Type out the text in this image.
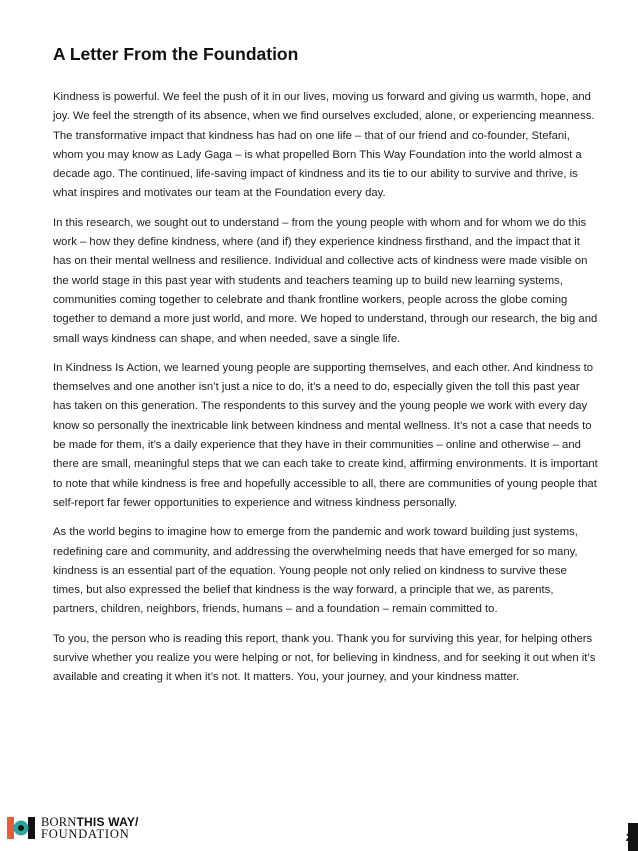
A Letter From the Foundation

Kindness is powerful. We feel the push of it in our lives, moving us forward and giving us warmth, hope, and joy. We feel the strength of its absence, when we find ourselves excluded, alone, or experiencing meanness. The transformative impact that kindness has had on one life – that of our friend and co-founder, Stefani, whom you may know as Lady Gaga – is what propelled Born This Way Foundation into the world almost a decade ago. The continued, life-saving impact of kindness and its tie to our ability to survive and thrive, is what inspires and motivates our team at the Foundation every day.

In this research, we sought out to understand – from the young people with whom and for whom we do this work – how they define kindness, where (and if) they experience kindness firsthand, and the impact that it has on their mental wellness and resilience. Individual and collective acts of kindness were made visible on the world stage in this past year with students and teachers teaming up to build new learning systems, communities coming together to celebrate and thank frontline workers, people across the globe coming together to demand a more just world, and more. We hoped to understand, through our research, the big and small ways kindness can shape, and when needed, save a single life.

In Kindness Is Action, we learned young people are supporting themselves, and each other. And kindness to themselves and one another isn’t just a nice to do, it’s a need to do, especially given the toll this past year has taken on this generation. The respondents to this survey and the young people we work with every day know so personally the inextricable link between kindness and mental wellness. It’s not a case that needs to be made for them, it’s a daily experience that they have in their communities – online and otherwise – and there are small, meaningful steps that we can each take to create kind, affirming environments. It is important to note that while kindness is free and hopefully accessible to all, there are communities of young people that self-report far fewer opportunities to experience and witness kindness personally.

As the world begins to imagine how to emerge from the pandemic and work toward building just systems, redefining care and community, and addressing the overwhelming needs that have emerged for so many, kindness is an essential part of the equation. Young people not only relied on kindness to survive these times, but also expressed the belief that kindness is the way forward, a principle that we, as parents, partners, children, neighbors, friends, humans – and a foundation – remain committed to.

To you, the person who is reading this report, thank you. Thank you for surviving this year, for helping others survive whether you realize you were helping or not, for believing in kindness, and for seeking it out when it’s available and creating it when it’s not. It matters. You, your journey, and your kindness matter.

BORNTHIS WAY/
FOUNDATION	2
